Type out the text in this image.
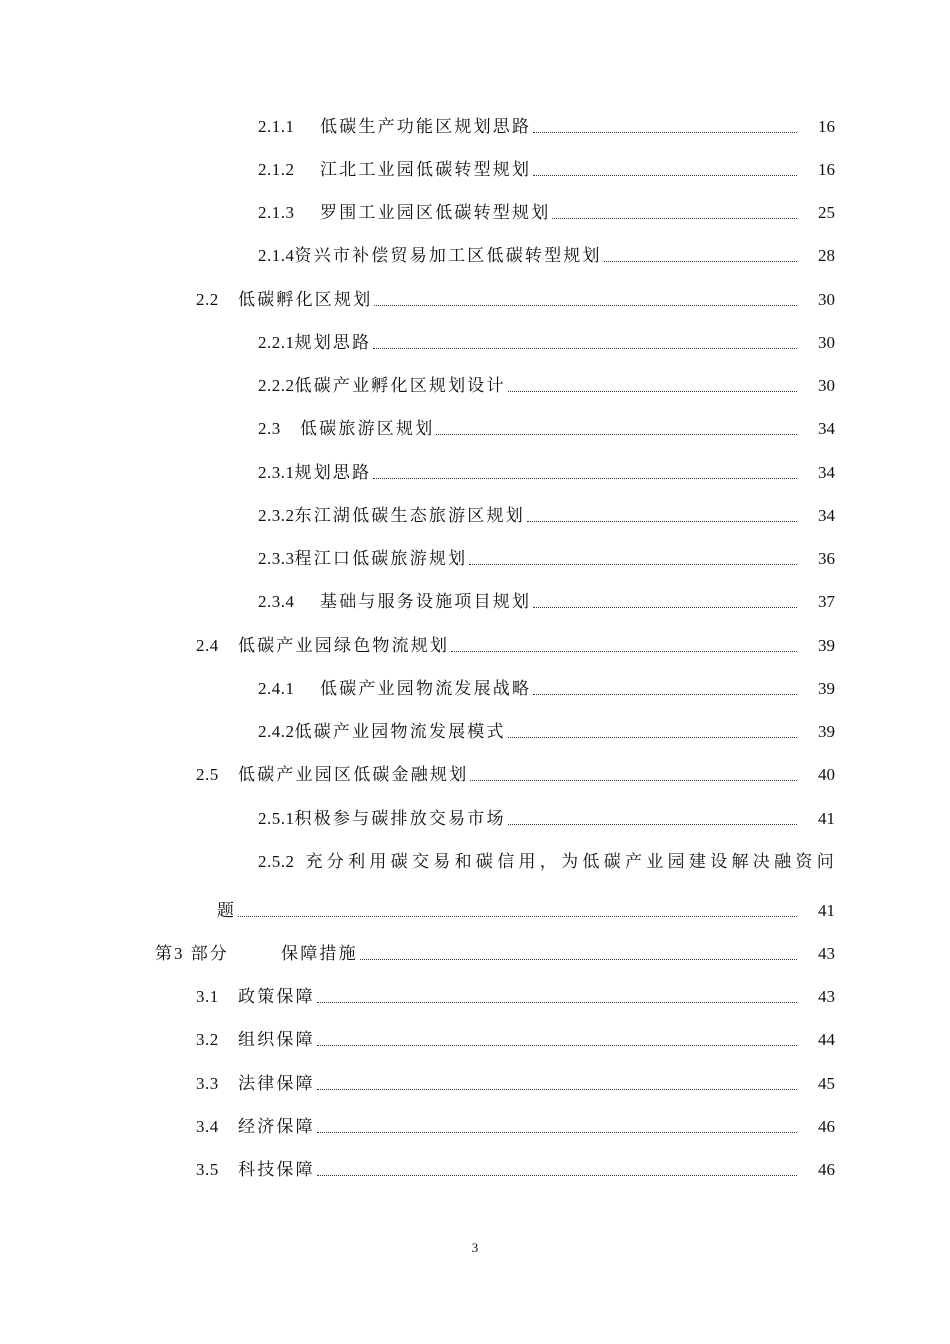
2.1.1	低碳生产功能区规划思路	16
2.1.2	江北工业园低碳转型规划	16
2.1.3	罗围工业园区低碳转型规划	25
2.1.4 资兴市补偿贸易加工区低碳转型规划	28
2.2	低碳孵化区规划	30
2.2.1 规划思路	30
2.2.2 低碳产业孵化区规划设计	30
2.3	低碳旅游区规划	34
2.3.1 规划思路	34
2.3.2 东江湖低碳生态旅游区规划	34
2.3.3 程江口低碳旅游规划	36
2.3.4	基础与服务设施项目规划	37
2.4	低碳产业园绿色物流规划	39
2.4.1	低碳产业园物流发展战略	39
2.4.2 低碳产业园物流发展模式	39
2.5	低碳产业园区低碳金融规划	40
2.5.1 积极参与碳排放交易市场	41
2.5.2 充分利用碳交易和碳信用，为低碳产业园建设解决融资问
题	41
第3 部分	保障措施	43
3.1	政策保障	43
3.2	组织保障	44
3.3	法律保障	45
3.4	经济保障	46
3.5	科技保障	46
3
